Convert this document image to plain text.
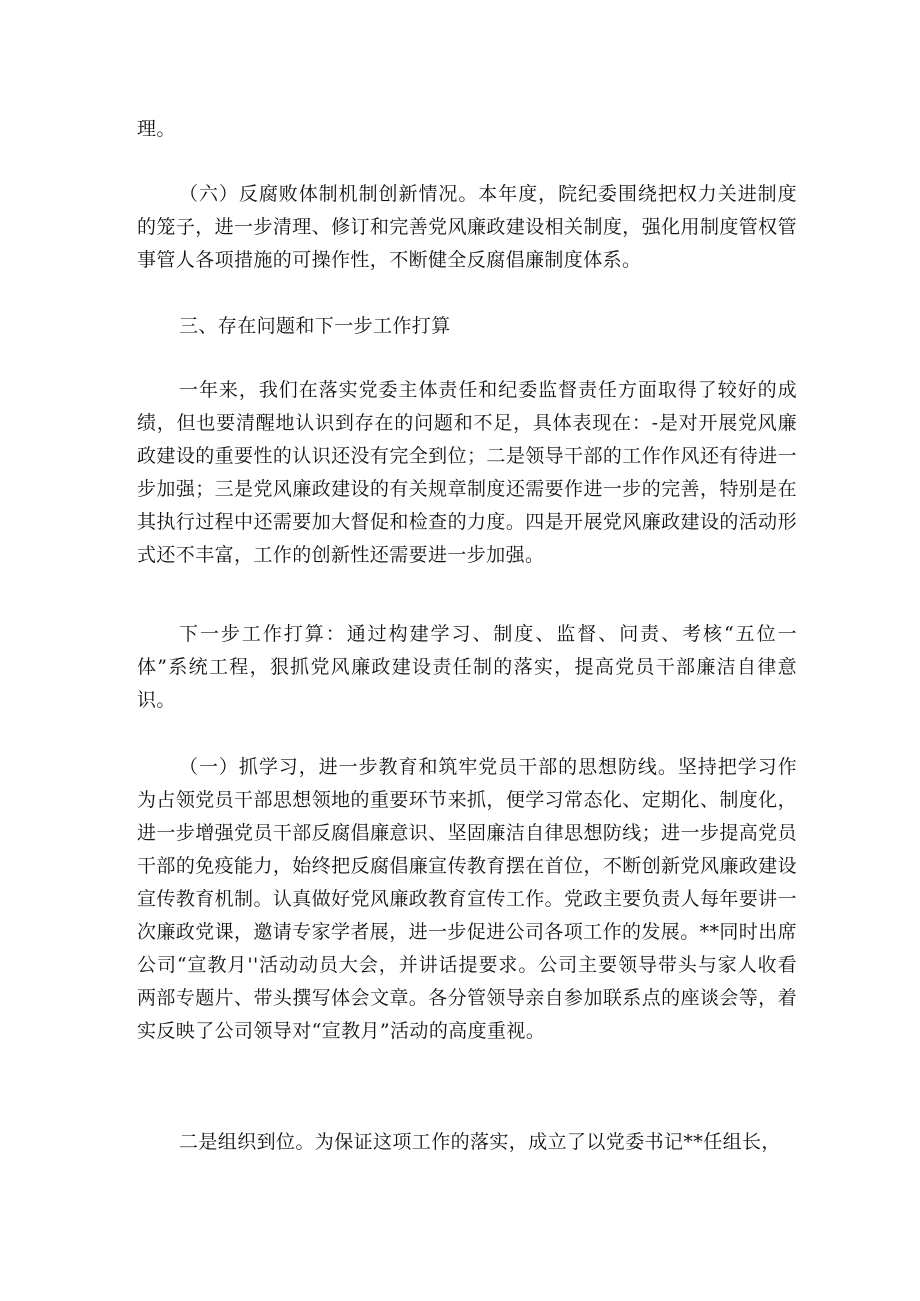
理。

（六）反腐败体制机制创新情况。本年度，院纪委围绕把权力关进制度的笼子，进一步清理、修订和完善党风廉政建设相关制度，强化用制度管权管事管人各项措施的可操作性，不断健全反腐倡廉制度体系。

三、存在问题和下一步工作打算

一年来，我们在落实党委主体责任和纪委监督责任方面取得了较好的成绩，但也要清醒地认识到存在的问题和不足，具体表现在：-是对开展党风廉政建设的重要性的认识还没有完全到位；二是领导干部的工作作风还有待进一步加强；三是党风廉政建设的有关规章制度还需要作进一步的完善，特别是在其执行过程中还需要加大督促和检查的力度。四是开展党风廉政建设的活动形式还不丰富，工作的创新性还需要进一步加强。

下一步工作打算：通过构建学习、制度、监督、问责、考核“五位一体”系统工程，狠抓党风廉政建设责任制的落实，提高党员干部廉洁自律意识。

（一）抓学习，进一步教育和筑牢党员干部的思想防线。坚持把学习作为占领党员干部思想领地的重要环节来抓，便学习常态化、定期化、制度化，进一步增强党员干部反腐倡廉意识、坚固廉洁自律思想防线；进一步提高党员干部的免疫能力，始终把反腐倡廉宣传教育摆在首位，不断创新党风廉政建设宣传教育机制。认真做好党风廉政教育宣传工作。党政主要负责人每年要讲一次廉政党课，邀请专家学者展，进一步促进公司各项工作的发展。**同时出席公司“宣教月''活动动员大会，并讲话提要求。公司主要领导带头与家人收看两部专题片、带头撰写体会文章。各分管领导亲自参加联系点的座谈会等，着实反映了公司领导对“宣教月”活动的高度重视。

二是组织到位。为保证这项工作的落实，成立了以党委书记**任组长，
